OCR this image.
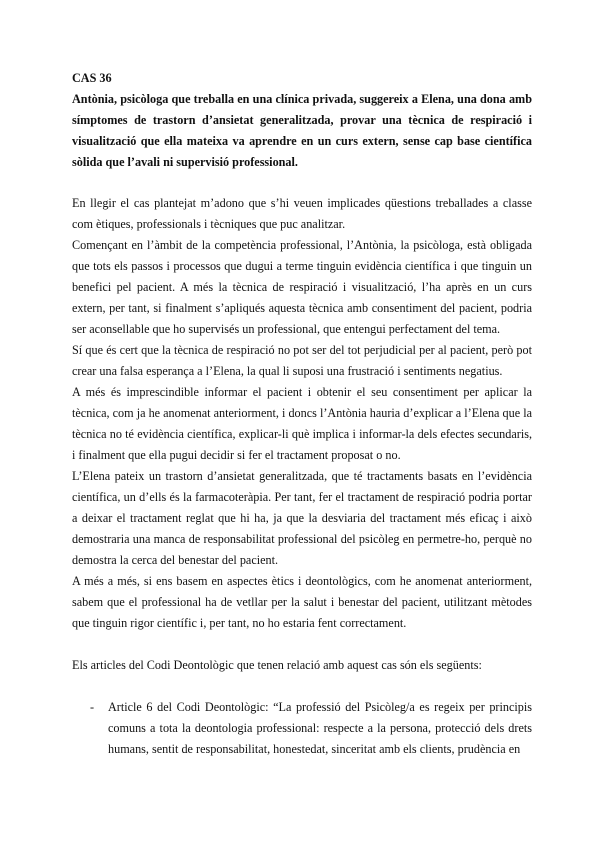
CAS 36

Antònia, psicòloga que treballa en una clínica privada, suggereix a Elena, una dona amb símptomes de trastorn d’ansietat generalitzada, provar una tècnica de respiració i visualització que ella mateixa va aprendre en un curs extern, sense cap base científica sòlida que l’avali ni supervisió professional.

En llegir el cas plantejat m’adono que s’hi veuen implicades qüestions treballades a classe com ètiques, professionals i tècniques que puc analitzar.

Començant en l’àmbit de la competència professional, l’Antònia, la psicòloga, està obligada que tots els passos i processos que dugui a terme tinguin evidència científica i que tinguin un benefici pel pacient. A més la tècnica de respiració i visualització, l’ha après en un curs extern, per tant, si finalment s’apliqués aquesta tècnica amb consentiment del pacient, podria ser aconsellable que ho supervisés un professional, que entengui perfectament del tema.

Sí que és cert que la tècnica de respiració no pot ser del tot perjudicial per al pacient, però pot crear una falsa esperança a l’Elena, la qual li suposi una frustració i sentiments negatius.

A més és imprescindible informar el pacient i obtenir el seu consentiment per aplicar la tècnica, com ja he anomenat anteriorment, i doncs l’Antònia hauria d’explicar a l’Elena que la tècnica no té evidència científica, explicar-li què implica i informar-la dels efectes secundaris, i finalment que ella pugui decidir si fer el tractament proposat o no.

L’Elena pateix un trastorn d’ansietat generalitzada, que té tractaments basats en l’evidència científica, un d’ells és la farmacoteràpia. Per tant, fer el tractament de respiració podria portar a deixar el tractament reglat que hi ha, ja que la desviaria del tractament més eficaç i això demostraria una manca de responsabilitat professional del psicòleg en permetre-ho, perquè no demostra la cerca del benestar del pacient.

A més a més, si ens basem en aspectes ètics i deontològics, com he anomenat anteriorment, sabem que el professional ha de vetllar per la salut i benestar del pacient, utilitzant mètodes que tinguin rigor científic i, per tant, no ho estaria fent correctament.

Els articles del Codi Deontològic que tenen relació amb aquest cas són els següents:

- Article 6 del Codi Deontològic: “La professió del Psicòleg/a es regeix per principis comuns a tota la deontologia professional: respecte a la persona, protecció dels drets humans, sentit de responsabilitat, honestedat, sinceritat amb els clients, prudència en
